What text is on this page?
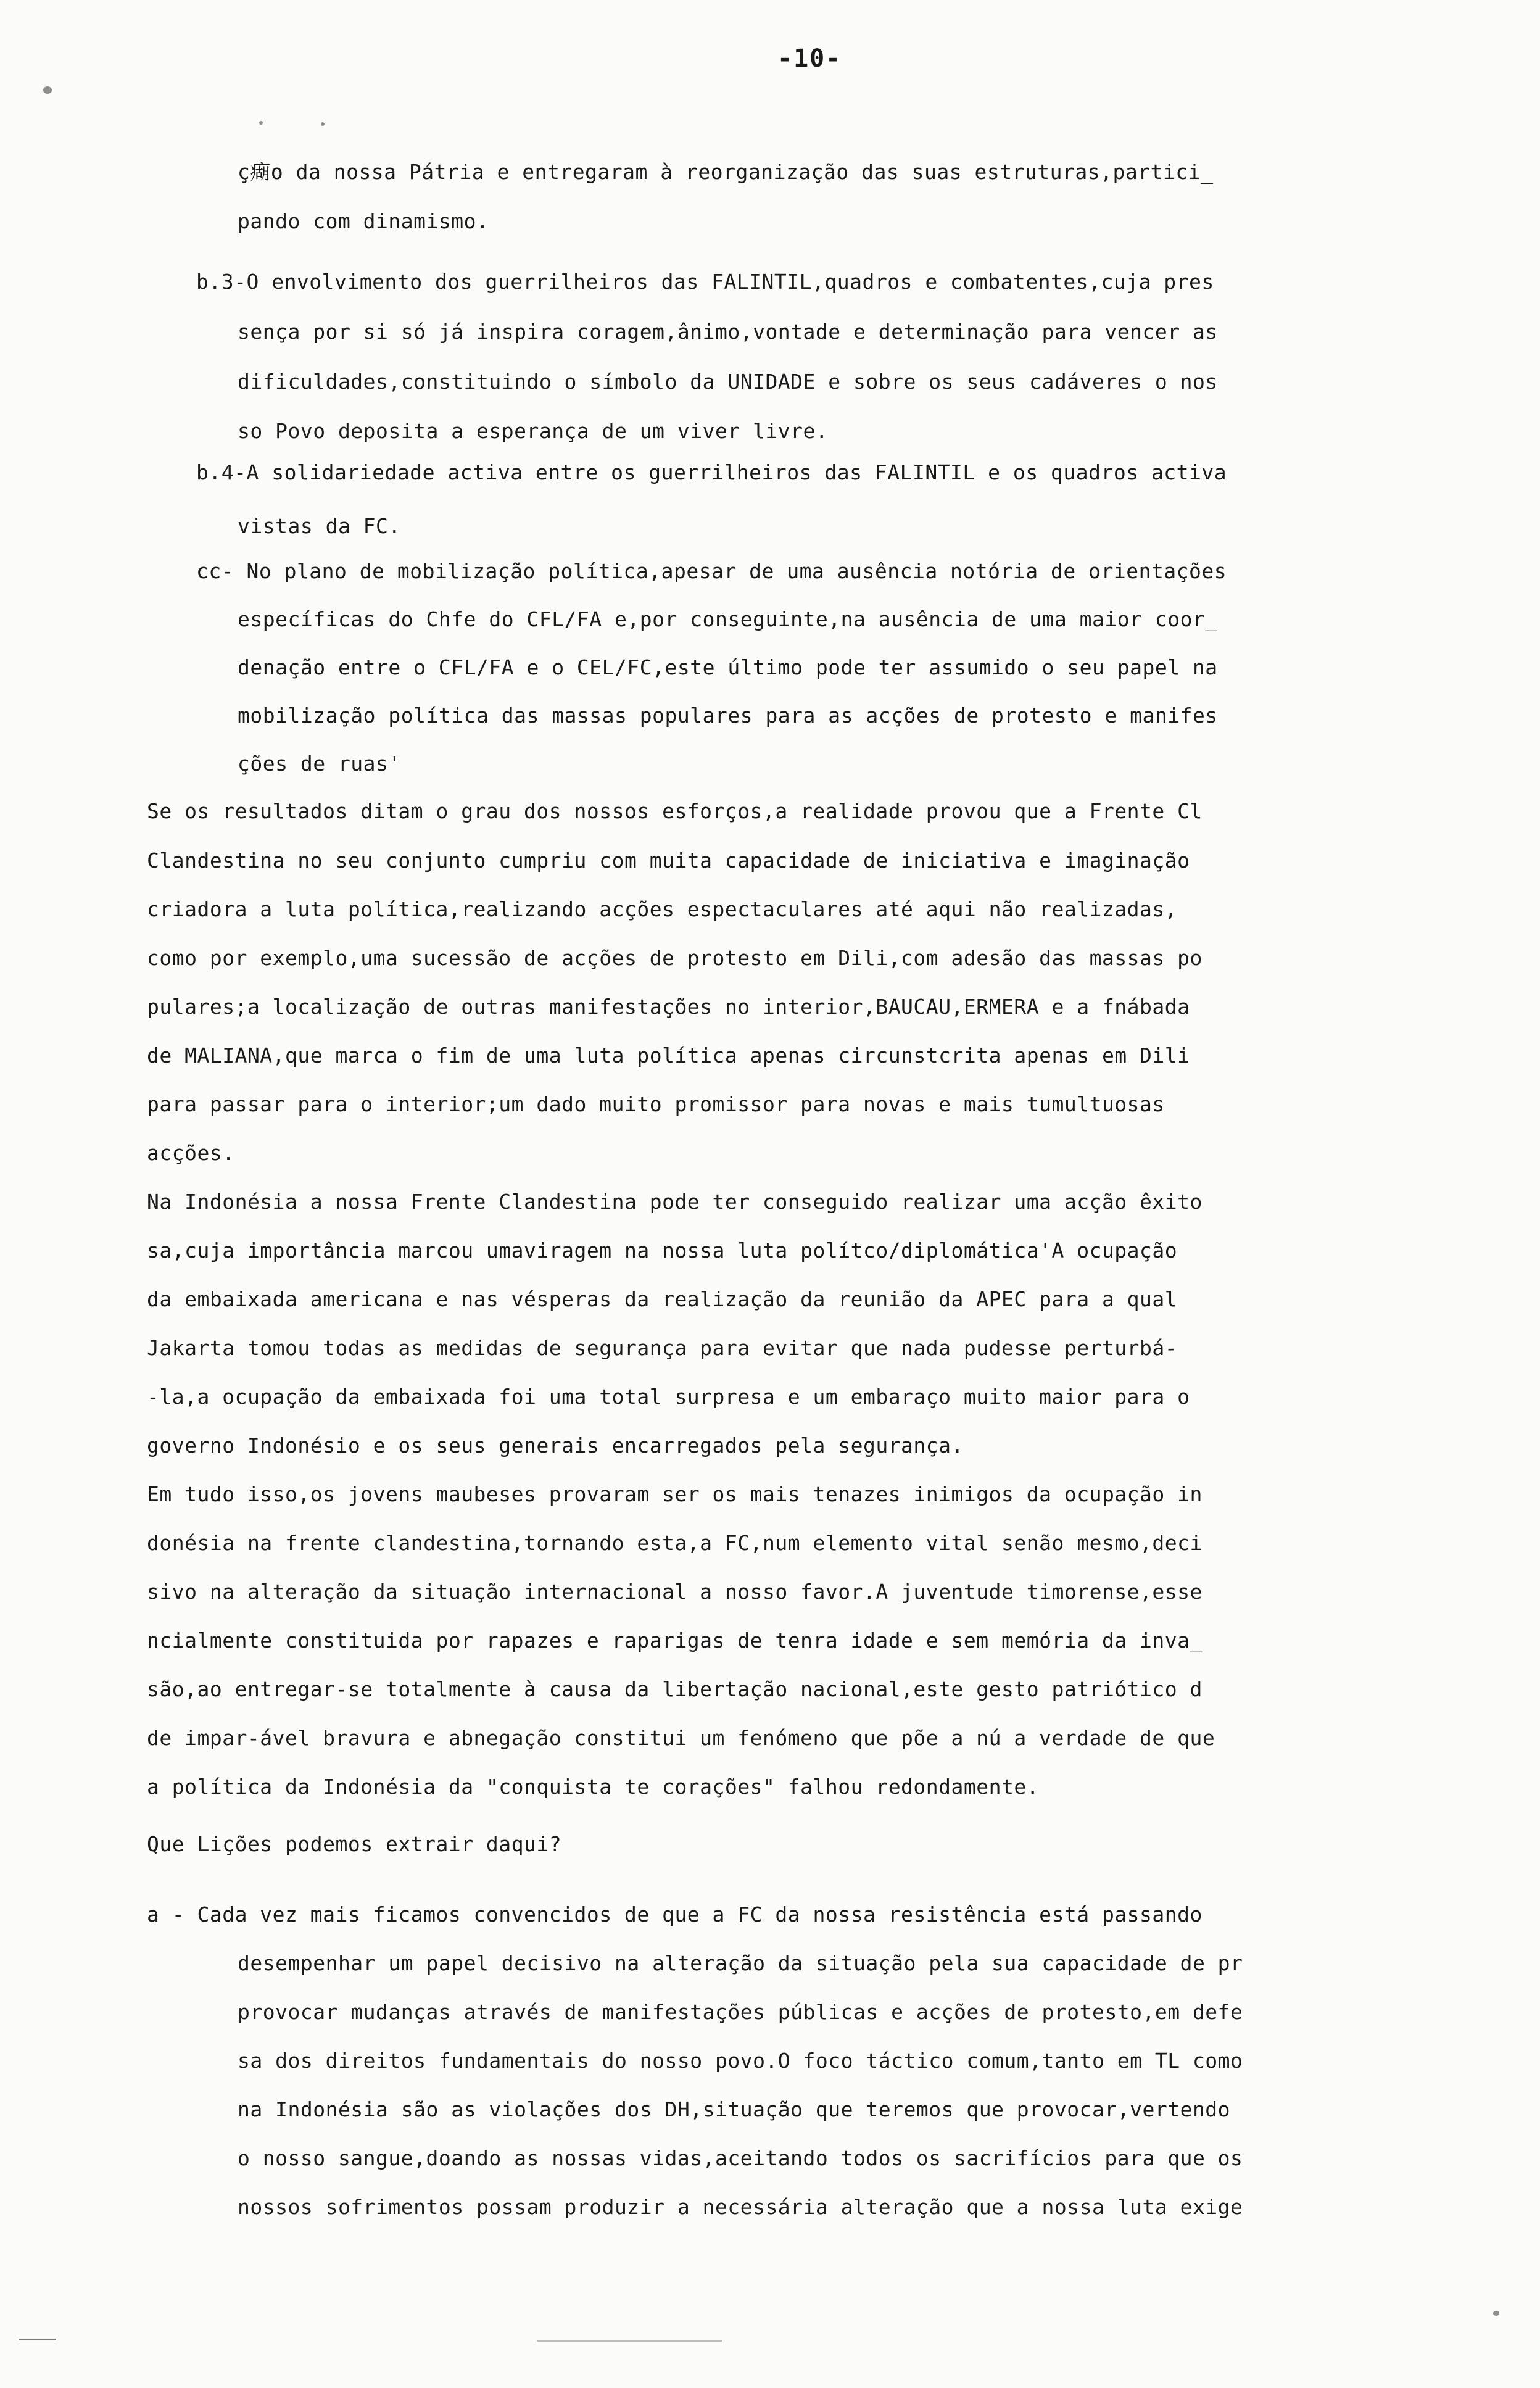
-10-
ç㾰o da nossa Pátria e entregaram à reorganização das suas estruturas,partici_
pando com dinamismo.
b.3-O envolvimento dos guerrilheiros das FALINTIL,quadros e combatentes,cuja pres
sença por si só já inspira coragem,ânimo,vontade e determinação para vencer as
dificuldades,constituindo o símbolo da UNIDADE e sobre os seus cadáveres o nos
so Povo deposita a esperança de um viver livre.
b.4-A solidariedade activa entre os guerrilheiros das FALINTIL e os quadros activa
vistas da FC.
cc- No plano de mobilização política,apesar de uma ausência notória de orientações
específicas do Chfe do CFL/FA e,por conseguinte,na ausência de uma maior coor_
denação entre o CFL/FA e o CEL/FC,este último pode ter assumido o seu papel na
mobilização política das massas populares para as acções de protesto e manifes
ções de ruas'
Se os resultados ditam o grau dos nossos esforços,a realidade provou que a Frente Cl
Clandestina no seu conjunto cumpriu com muita capacidade de iniciativa e imaginação
criadora a luta política,realizando acções espectaculares até aqui não realizadas,
como por exemplo,uma sucessão de acções de protesto em Dili,com adesão das massas po
pulares;a localização de outras manifestações no interior,BAUCAU,ERMERA e a fnábada
de MALIANA,que marca o fim de uma luta política apenas circunstcrita apenas em Dili
para passar para o interior;um dado muito promissor para novas e mais tumultuosas
acções.
Na Indonésia a nossa Frente Clandestina pode ter conseguido realizar uma acção êxito
sa,cuja importância marcou umaviragem na nossa luta polítco/diplomática'A ocupação
da embaixada americana e nas vésperas da realização da reunião da APEC para a qual
Jakarta tomou todas as medidas de segurança para evitar que nada pudesse perturbá-
-la,a ocupação da embaixada foi uma total surpresa e um embaraço muito maior para o
governo Indonésio e os seus generais encarregados pela segurança.
Em tudo isso,os jovens maubeses provaram ser os mais tenazes inimigos da ocupação in
donésia na frente clandestina,tornando esta,a FC,num elemento vital senão mesmo,deci
sivo na alteração da situação internacional a nosso favor.A juventude timorense,esse
ncialmente constituida por rapazes e raparigas de tenra idade e sem memória da inva_
são,ao entregar-se totalmente à causa da libertação nacional,este gesto patriótico d
de impar-ável bravura e abnegação constitui um fenómeno que põe a nú a verdade de que
a política da Indonésia da "conquista te corações" falhou redondamente.
Que Lições podemos extrair daqui?
a - Cada vez mais ficamos convencidos de que a FC da nossa resistência está passando
desempenhar um papel decisivo na alteração da situação pela sua capacidade de pr
provocar mudanças através de manifestações públicas e acções de protesto,em defe
sa dos direitos fundamentais do nosso povo.O foco táctico comum,tanto em TL como
na Indonésia são as violações dos DH,situação que teremos que provocar,vertendo
o nosso sangue,doando as nossas vidas,aceitando todos os sacrifícios para que os
nossos sofrimentos possam produzir a necessária alteração que a nossa luta exige
